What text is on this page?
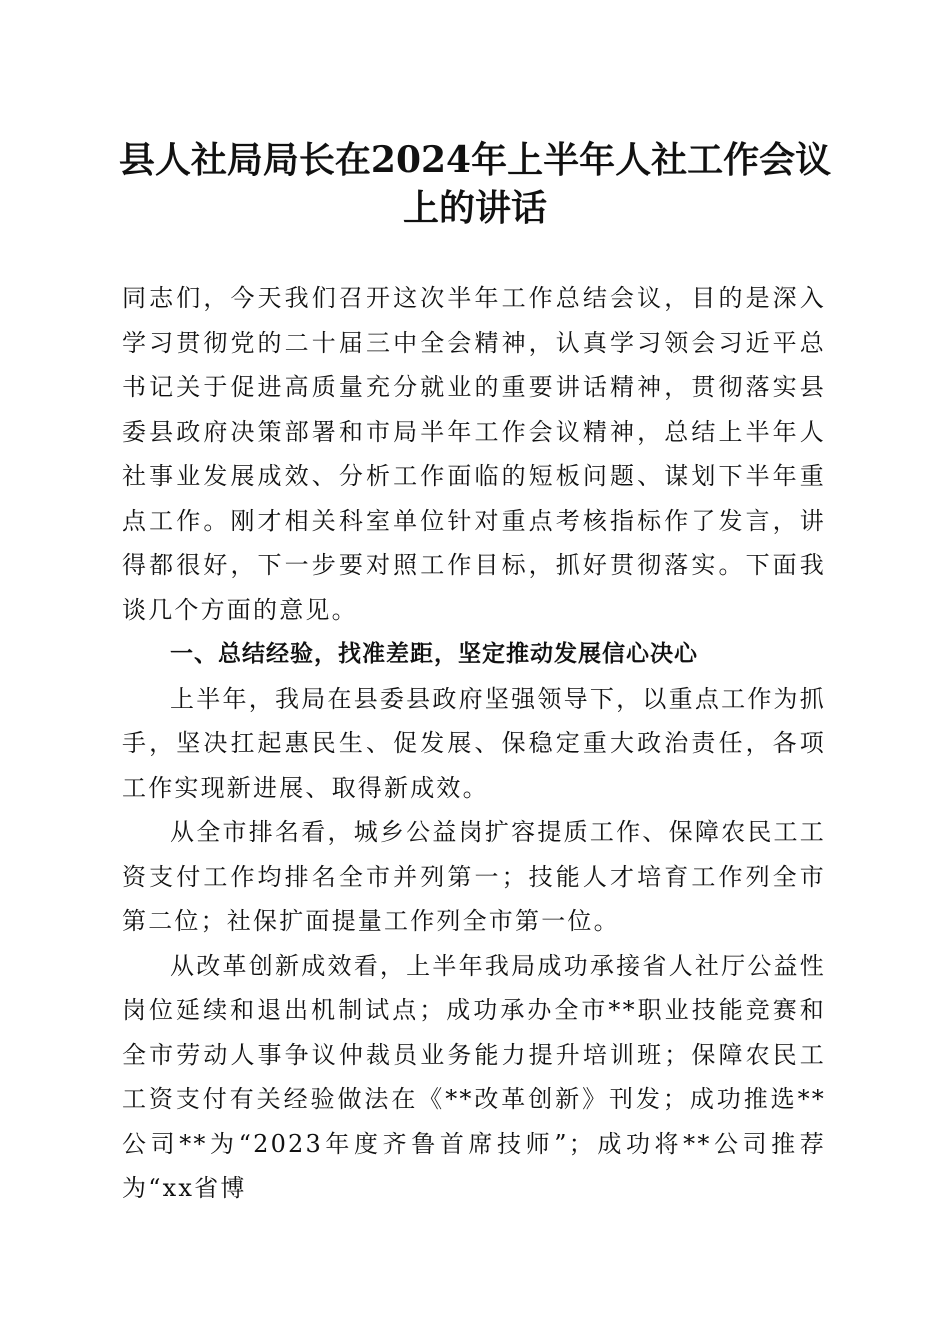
县人社局局长在2024年上半年人社工作会议
上的讲话

同志们，今天我们召开这次半年工作总结会议，目的是深入学习贯彻党的二十届三中全会精神，认真学习领会习近平总书记关于促进高质量充分就业的重要讲话精神，贯彻落实县委县政府决策部署和市局半年工作会议精神，总结上半年人社事业发展成效、分析工作面临的短板问题、谋划下半年重点工作。刚才相关科室单位针对重点考核指标作了发言，讲得都很好，下一步要对照工作目标，抓好贯彻落实。下面我谈几个方面的意见。

一、总结经验，找准差距，坚定推动发展信心决心

上半年，我局在县委县政府坚强领导下，以重点工作为抓手，坚决扛起惠民生、促发展、保稳定重大政治责任，各项工作实现新进展、取得新成效。

从全市排名看，城乡公益岗扩容提质工作、保障农民工工资支付工作均排名全市并列第一；技能人才培育工作列全市第二位；社保扩面提量工作列全市第一位。

从改革创新成效看，上半年我局成功承接省人社厅公益性岗位延续和退出机制试点；成功承办全市**职业技能竞赛和全市劳动人事争议仲裁员业务能力提升培训班；保障农民工工资支付有关经验做法在《**改革创新》刊发；成功推选**公司**为“2023年度齐鲁首席技师”；成功将**公司推荐为“xx省博
